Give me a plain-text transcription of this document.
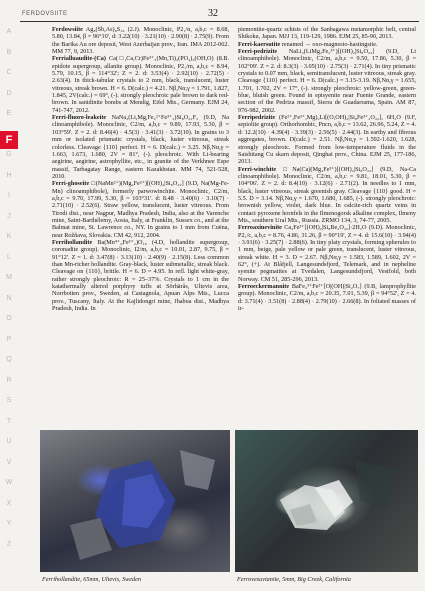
FERDOVSIITE	32
A
B
C
D
E
F
G
H
I
J
K
L
M
N
O
P
Q
R
S
T
U
V
W
X
Y
Z

Ferdowsiite Ag₈(Sb,As)₈S₁₆ (2.J). Monoclinic, P2₁/n, a,b,c = 8.68, 5.80, 13.84, β = 96°10', d: 3.22(10) · 3.21(10) · 2.90(8) · 2.75(9). From the Barika Au ore deposit, West Azerbaijan prov., Iran. IMA 2012-062. MM 77, 9, 2013.

Ferrialluaudite-(Ca) Ca(□,Ca,Cr)Fe³⁺₂(Mn,Ti)₂(PO₄)₃(OH,O) (8.B. epidote supergroup, allanite group). Monoclinic, P2₁/m, a,b,c = 8.94, 5.79, 10.15, β = 114°32'; Z = 2. d: 3.53(4) · 2.92(10) · 2.72(5) · 2.63(4). In thick-tabular crystals to 2 mm, black, translucent, luster vitreous, streak brown. H = 6. D(calc.) = 4.21. Nβ,Nα,γ = 1.791, 1.827, 1.845, 2V(calc.) = 69°, (-). strongly pleochroic pale brown to dark red-brown. In sanidinite bombs at Mendig, Eifel Mts., Germany. EJM 24, 741-747, 2012.

Ferri-fluoro-leakeite NaNa₂(Li,Mg,Fe₂²⁺Fe³⁺₂)Si₈O₂₂F₂ (9.D, Na clinoamphibole). Monoclinic, C2/m, a,b,c = 9.89, 17.93, 5.30, β = 103°59'. Z = 2. d: 8.46(4) · 4.5(3) · 3.41(3) · 3.72(10). In grains to 3 mm or isolated prismatic crystals, black, luster vitreous, streak colorless. Cleavage {110} perfect. H = 6. D(calc.) = 3.25. Nβ,Nα,γ = 1.663, 1.673, 1.680, 2V = 81°, (-). pleochroic. With Li-bearing aegirine, aegirine, astrophyllite, etc., in granite of the Verkhnee Espe massif, Tarbagatay Range, eastern Kazakhstan. MM 74, 521-528, 2010.

Ferri-ghoseite □(NaMn²⁺)(Mg₄Fe³⁺)[(OH)₂|Si₈O₂₂] (9.D, Na(Mg-Fe-Mn) clinoamphibole), formerly parwowinchite. Monoclinic, C2/m, a,b,c = 9.70, 17.99, 5.30, β = 103°31'. d: 8.48 · 3.40(6) · 3.10(7) · 2.71(10) · 2.52(6). Straw yellow, translucent, luster vitreous. From Tirodi dist., near Nagpur, Madhya Pradesh, India, also at the Varenche mine, Saint-Barthélemy, Aosta, Italy, at Franklin, Sussex co., and at the Balmat mine, St. Lawrence co., NY. In grains to 1 mm from Cuëna, near Rožňava, Slovakia. CM 42, 912, 2004.

Ferrihollandite Ba(Mn⁴⁺₆Fe³⁺₂)O₁₆ (4.D, hollandite supergroup, coronadite group). Monoclinic, I2/m, a,b,c = 10.01, 2.87, 9.75, β = 91°12'. Z = 1. d: 3.47(8) · 3.13(10) · 2.40(9) · 2.15(8). Less common than Mn-richer hollandite. Gray-black, luster submetallic, streak black. Cleavage on {110}, brittle. H = 6. D = 4.95. In refl. light white-gray, rather strongly pleochroic: R = 25–37%. Crystals to 1 cm in the katathermally altered porphyry tuffs at Sörhärås, Ultevis area, Norrbotten prov., Sweden, at Castagnola, Apuan Alps Mts., Lucca prov., Tuscany, Italy. At the Kajlidongri mine, Jhabua dist., Madhya Pradesh, India. In

piemontite-quartz schists of the Sanbagawa metamorphic belt, central Shikoku, Japan. MJJ 13, 119-129, 1986. EJM 25, 85-90, 2013.

Ferri-kaersutite renamed → oxo-magnesio-hastingsite.

Ferri-pedrizite NaLi₂(LiMg₂Fe₂³⁺)[(OH)₂|Si₈O₂₂] (9.D, Li clinoamphibole). Monoclinic, C2/m, a,b,c = 9.50, 17.86, 5.30, β = 102°09'. Z = 2. d: 8.3(3) · 3.05(10) · 2.75(3) · 2.71(4). In tiny prismatic crystals to 0.07 mm, black, semitranslucent, luster vitreous, streak gray. Cleavage {110} perfect. H = 6. D(calc.) = 3.15-3.19. Nβ,Nα,γ = 1.655, 1.701, 1.702, 2V = 17°, (-). strongly pleochroic: yellow-green, green-blue, bluish green. Found in episyenite near Fuente Grande, eastern section of the Pedriza massif, Sierra de Guadarrama, Spain. AM 87, 976-982, 2002.

Ferripedrizite (Fe²⁺,Fe³⁺,Mg)₂Li[(O,OH)₂|Si₈Fe³⁺₂O₂₂], 6H₂O (9.F, sepiolite group). Orthorhombic, Pncn, a,b,c = 13.62, 26.96, 5.24, Z = 4. d: 12.2(10) · 4.39(4) · 3.39(3) · 2.56(5) · 2.44(3). In earthy and fibrous aggregates, brown. D(calc.) = 2.51. Nβ,Nα,γ = 1.592-1.620, 1.628, strongly pleochroic. Formed from low-temperature fluids in the Saishitang Cu skarn deposit, Qinghai prov., China. EJM 25, 177-186, 2013.

Ferri-winchite □Na(Ca)(Mg₄Fe³⁺)[(OH)₂|Si₈O₂₂] (9.D, Na-Ca clinoamphibole). Monoclinic, C2/m, a,b,c = 9.81, 18.01, 5.30, β = 104°06'. Z = 2. d: 8.4(10) · 3.12(6) · 2.71(2). In needles to 1 mm, black, luster vitreous, streak greenish gray. Cleavage {110} good. H = 5.5. D = 3.14. Nβ,Nα,γ = 1.670, 1.680, 1.685, (-). strongly pleochroic: brownish yellow, violet, dark blue. In calcite-rich quartz veins in contact pyroxene hornfels in the Ilmenogorsk alkaline complex, Ilmeny Mts., southern Ural Mts., Russia. ZRMO 134, 3, 74-77, 2005.

Ferroaxinevinite Ca₂Fe²⁺[(OH)₂|Si₈Be₂O₂₂]·2H₂O (9.D). Monoclinic, P2₁/c, a,b,c = 8.76, 4.86, 31.26, β = 90°19', Z = 4. d: 15.6(10) · 3.94(4) · 3.91(6) · 3.25(7) · 2.88(6). In tiny platy crystals, forming spherules to 1 mm, beige, pale yellow or pale green, translucent, luster vitreous, streak white. H = 3. D = 2.67. Nβ,Nα,γ = 1.583, 1.589, 1.602, 2V = 62°, (+). At Blåfjell, Langesundsfjord, Telemark, and in nepheline syenite pegmatites at Tvedalen, Langesundsfjord, Vestfold, both Norway. CM 51, 285-296, 2013.

Ferroeckermannite BaFe₂³⁺Fe²⁺[O|(OH)|Si₂O₇] (9.B, lamprophyllite group). Monoclinic, C2/m, a,b,c = 20.35, 7.01, 5.39, β = 94°52', Z = 4. d: 3.71(4) · 3.51(8) · 2.88(4) · 2.79(10) · 2.66(8). In foliated masses of ir-

Ferrihollandite, 65mm, Ultevis, Sweden	Ferrovesuvianite, 5mm, Big Creek, California
